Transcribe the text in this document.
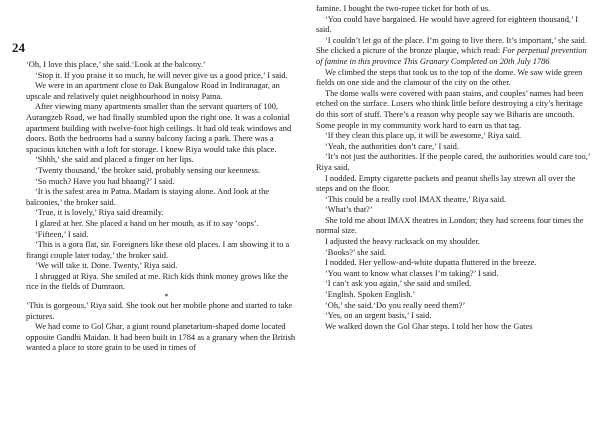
24

‘Oh, I love this place,’ she said.‘Look at the balcony.’

‘Stop it. If you praise it so much, he will never give us a good price,’ I said.

We were in an apartment close to Dak Bungalow Road in Indiranagar, an upscale and relatively quiet neighbourhood in noisy Patna.

After viewing many apartments smaller than the servant quarters of 100, Aurangzeb Road, we had finally stumbled upon the right one. It was a colonial apartment building with twelve-foot high ceilings. It had old teak windows and doors. Both the bedrooms had a sunny balcony facing a park. There was a spacious kitchen with a loft for storage. I knew Riya would take this place.

‘Shhh,’ she said and placed a finger on her lips.

‘Twenty thousand,’ the broker said, probably sensing our keenness.

‘So much? Have you had bhaang?’ I said.

‘It is the safest area in Patna. Madam is staying alone. And look at the balconies,’ the broker said.

‘True, it is lovely,’ Riya said dreamily.

I glared at her. She placed a hand on her mouth, as if to say ‘oops’.

‘Fifteen,’ I said.

‘This is a gora flat, sir. Foreigners like these old places. I am showing it to a firangi couple later today,’ the broker said.

‘We will take it. Done. Twenty,’ Riya said.

I shrugged at Riya. She smiled at me. Rich kids think money grows like the rice in the fields of Dumraon.

*

‘This is gorgeous,’ Riya said. She took out her mobile phone and started to take pictures.

We had come to Gol Ghar, a giant round planetarium-shaped dome located opposite Gandhi Maidan. It had been built in 1784 as a granary when the British wanted a place to store grain to be used in times of

famine. I bought the two-rupee ticket for both of us.

‘You could have bargained. He would have agreed for eighteen thousand,’ I said.

‘I couldn’t let go of the place. I’m going to live there. It’s important,’ she said. She clicked a picture of the bronze plaque, which read: For perpetual prevention of famine in this province This Granary Completed on 20th July 1786

We climbed the steps that took us to the top of the dome. We saw wide green fields on one side and the clamour of the city on the other.

The dome walls were covered with paan stains, and couples’ names had been etched on the surface. Losers who think little before destroying a city’s heritage do this sort of stuff. There’s a reason why people say we Biharis are uncouth. Some people in my community work hard to earn us that tag.

‘If they clean this place up, it will be awesome,’ Riya said.

‘Yeah, the authorities don’t care,’ I said.

‘It’s not just the authorities. If the people cared, the authorities would care too,’ Riya said.

I nodded. Empty cigarette packets and peanut shells lay strewn all over the steps and on the floor.

‘This could be a really cool IMAX theatre,’ Riya said.

‘What’s that?’

She told me about IMAX theatres in London; they had screens four times the normal size.

I adjusted the heavy rucksack on my shoulder.

‘Books?’ she said.

I nodded. Her yellow-and-white dupatta fluttered in the breeze.

‘You want to know what classes I’m taking?’ I said.

‘I can’t ask you again,’ she said and smiled.

‘English. Spoken English.’

‘Oh,’ she said.‘Do you really need them?’

‘Yes, on an urgent basis,’ I said.

We walked down the Gol Ghar steps. I told her how the Gates
